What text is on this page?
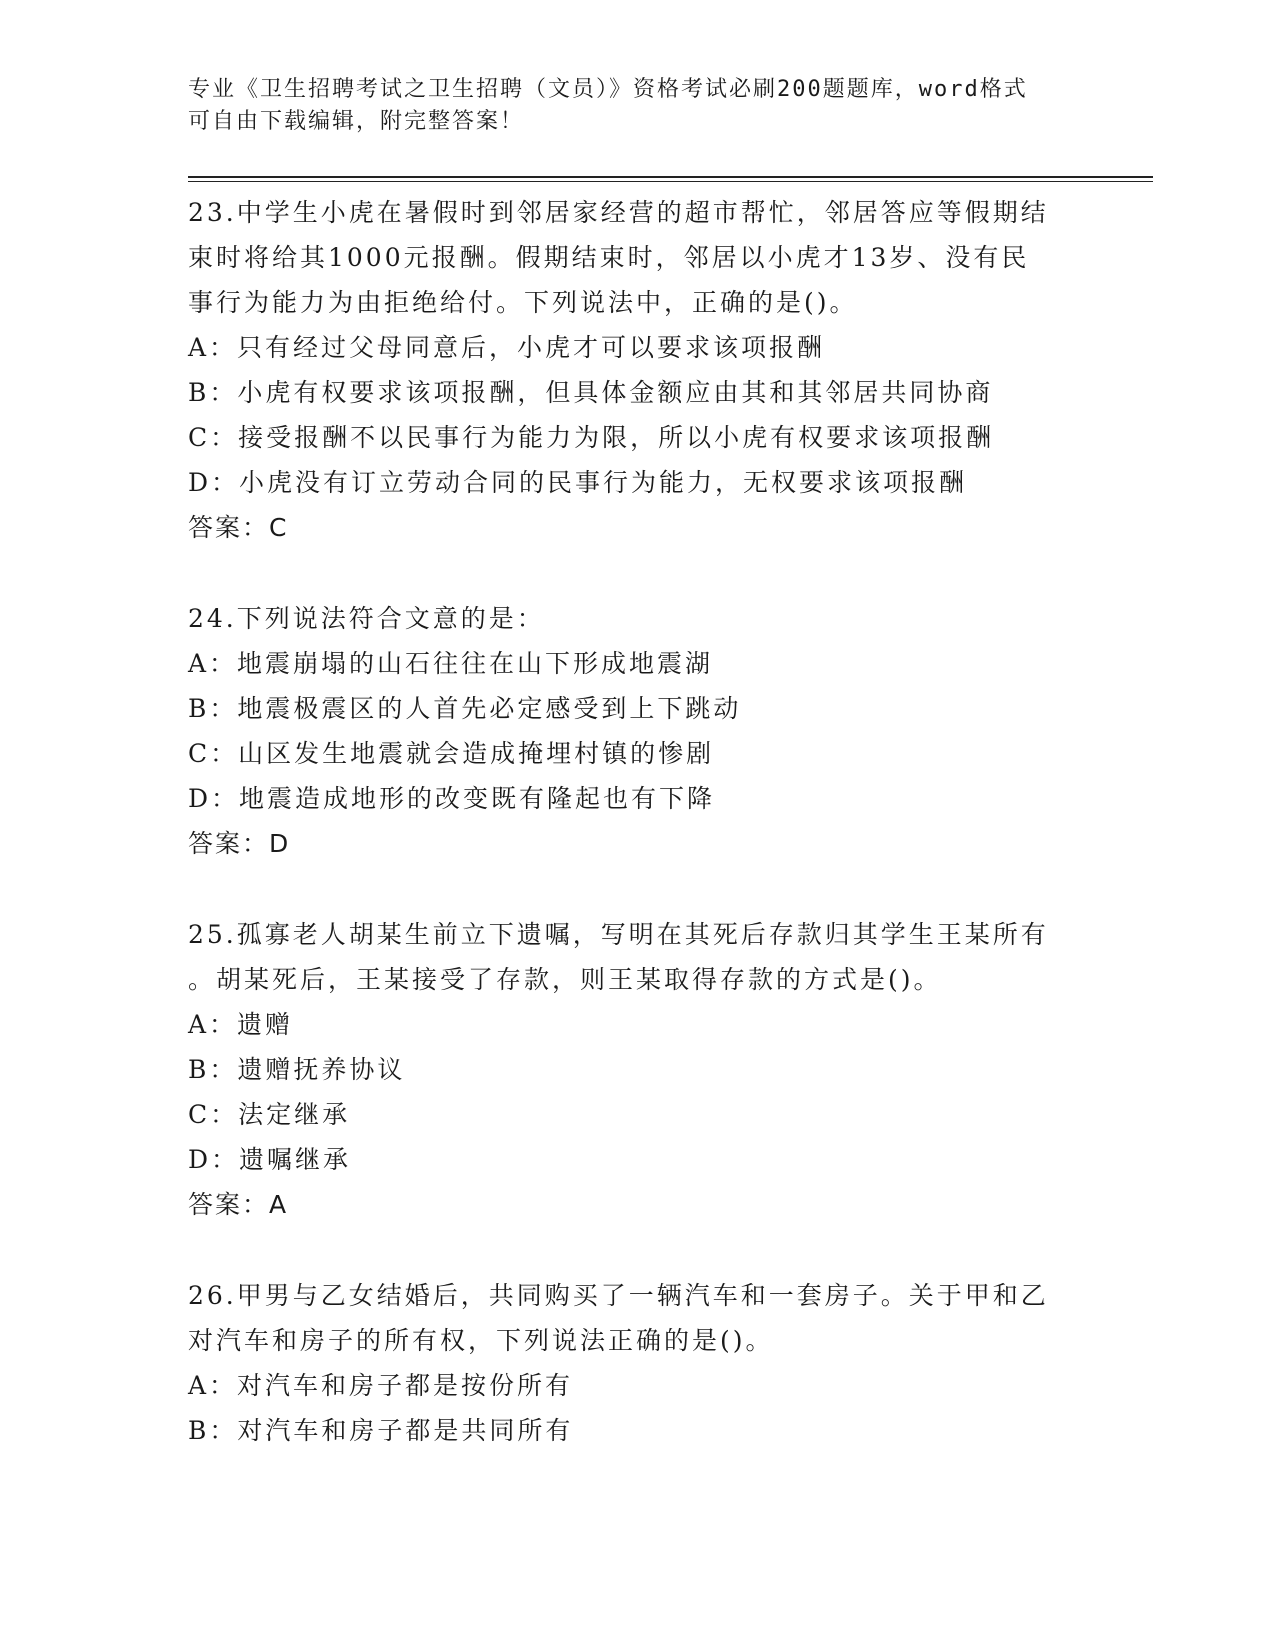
专业《卫生招聘考试之卫生招聘（文员）》资格考试必刷200题题库，word格式
可自由下载编辑，附完整答案！
23.中学生小虎在暑假时到邻居家经营的超市帮忙，邻居答应等假期结
束时将给其1000元报酬。假期结束时，邻居以小虎才13岁、没有民
事行为能力为由拒绝给付。下列说法中，正确的是()。
A：只有经过父母同意后，小虎才可以要求该项报酬
B：小虎有权要求该项报酬，但具体金额应由其和其邻居共同协商
C：接受报酬不以民事行为能力为限，所以小虎有权要求该项报酬
D：小虎没有订立劳动合同的民事行为能力，无权要求该项报酬
答案：C
24.下列说法符合文意的是：
A：地震崩塌的山石往往在山下形成地震湖
B：地震极震区的人首先必定感受到上下跳动
C：山区发生地震就会造成掩埋村镇的惨剧
D：地震造成地形的改变既有隆起也有下降
答案：D
25.孤寡老人胡某生前立下遗嘱，写明在其死后存款归其学生王某所有
。胡某死后，王某接受了存款，则王某取得存款的方式是()。
A：遗赠
B：遗赠抚养协议
C：法定继承
D：遗嘱继承
答案：A
26.甲男与乙女结婚后，共同购买了一辆汽车和一套房子。关于甲和乙
对汽车和房子的所有权，下列说法正确的是()。
A：对汽车和房子都是按份所有
B：对汽车和房子都是共同所有
